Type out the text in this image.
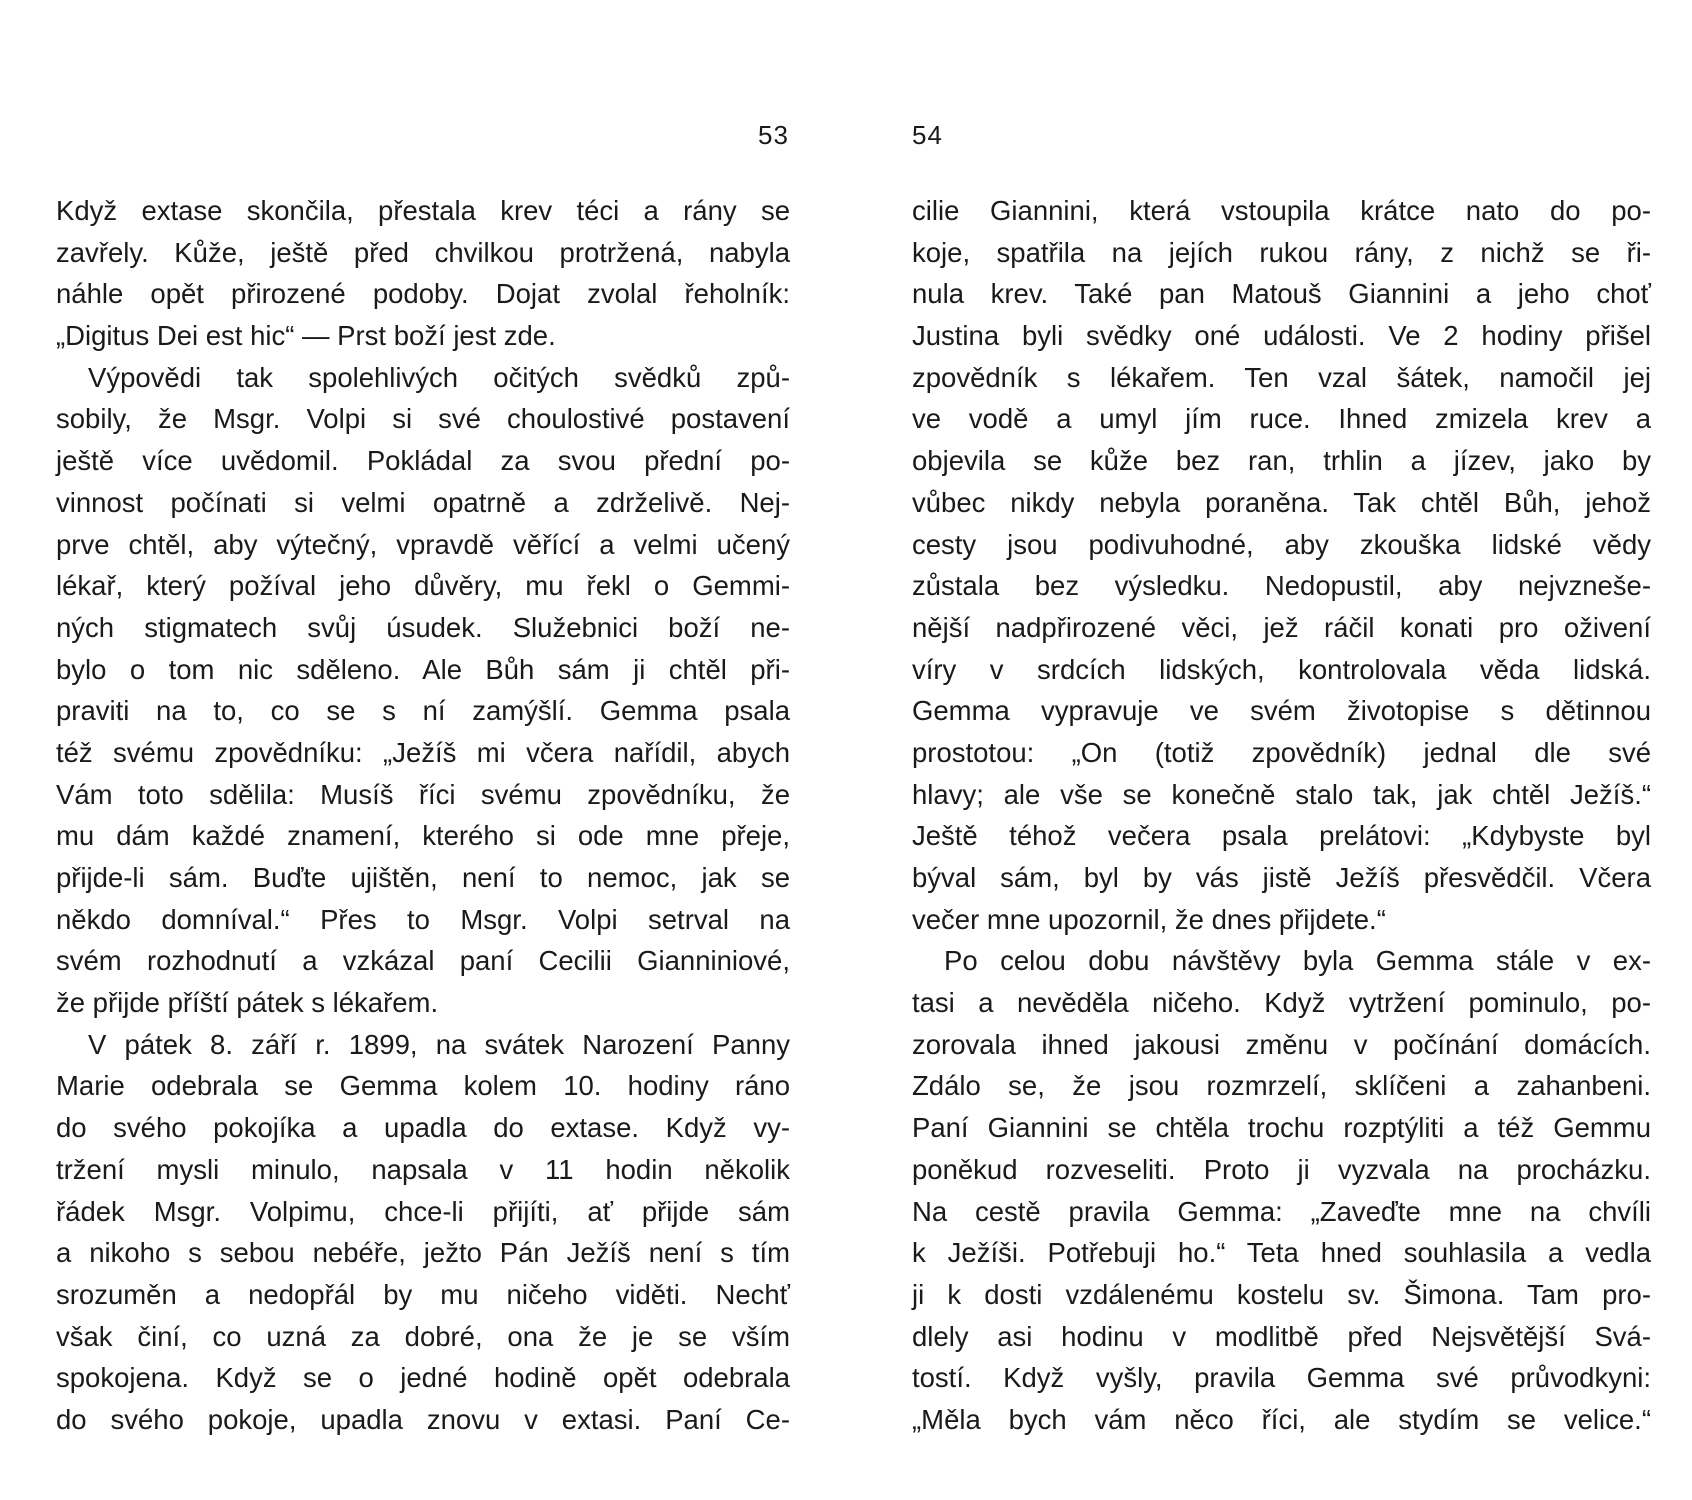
53
Když extase skončila, přestala krev téci a rány se
zavřely. Kůže, ještě před chvilkou protržená, nabyla
náhle opět přirozené podoby. Dojat zvolal řeholník:
„Digitus Dei est hic“ — Prst boží jest zde.
Výpovědi tak spolehlivých očitých svědků způ-
sobily, že Msgr. Volpi si své choulostivé postavení
ještě více uvědomil. Pokládal za svou přední po-
vinnost počínati si velmi opatrně a zdrželivě. Nej-
prve chtěl, aby výtečný, vpravdě věřící a velmi učený
lékař, který požíval jeho důvěry, mu řekl o Gemmi-
ných stigmatech svůj úsudek. Služebnici boží ne-
bylo o tom nic sděleno. Ale Bůh sám ji chtěl při-
praviti na to, co se s ní zamýšlí. Gemma psala
též svému zpovědníku: „Ježíš mi včera nařídil, abych
Vám toto sdělila: Musíš říci svému zpovědníku, že
mu dám každé znamení, kterého si ode mne přeje,
přijde-li sám. Buďte ujištěn, není to nemoc, jak se
někdo domníval.“ Přes to Msgr. Volpi setrval na
svém rozhodnutí a vzkázal paní Cecilii Gianniniové,
že přijde příští pátek s lékařem.
V pátek 8. září r. 1899, na svátek Narození Panny
Marie odebrala se Gemma kolem 10. hodiny ráno
do svého pokojíka a upadla do extase. Když vy-
tržení mysli minulo, napsala v 11 hodin několik
řádek Msgr. Volpimu, chce-li přijíti, ať přijde sám
a nikoho s sebou nebéře, ježto Pán Ježíš není s tím
srozuměn a nedopřál by mu ničeho viděti. Nechť
však činí, co uzná za dobré, ona že je se vším
spokojena. Když se o jedné hodině opět odebrala
do svého pokoje, upadla znovu v extasi. Paní Ce-
54
cilie Giannini, která vstoupila krátce nato do po-
koje, spatřila na jejích rukou rány, z nichž se ři-
nula krev. Také pan Matouš Giannini a jeho choť
Justina byli svědky oné události. Ve 2 hodiny přišel
zpovědník s lékařem. Ten vzal šátek, namočil jej
ve vodě a umyl jím ruce. Ihned zmizela krev a
objevila se kůže bez ran, trhlin a jízev, jako by
vůbec nikdy nebyla poraněna. Tak chtěl Bůh, jehož
cesty jsou podivuhodné, aby zkouška lidské vědy
zůstala bez výsledku. Nedopustil, aby nejvzneše-
nější nadpřirozené věci, jež ráčil konati pro oživení
víry v srdcích lidských, kontrolovala věda lidská.
Gemma vypravuje ve svém životopise s dětinnou
prostotou: „On (totiž zpovědník) jednal dle své
hlavy; ale vše se konečně stalo tak, jak chtěl Ježíš.“
Ještě téhož večera psala prelátovi: „Kdybyste byl
býval sám, byl by vás jistě Ježíš přesvědčil. Včera
večer mne upozornil, že dnes přijdete.“
Po celou dobu návštěvy byla Gemma stále v ex-
tasi a nevěděla ničeho. Když vytržení pominulo, po-
zorovala ihned jakousi změnu v počínání domácích.
Zdálo se, že jsou rozmrzelí, sklíčeni a zahanbeni.
Paní Giannini se chtěla trochu rozptýliti a též Gemmu
poněkud rozveseliti. Proto ji vyzvala na procházku.
Na cestě pravila Gemma: „Zaveďte mne na chvíli
k Ježíši. Potřebuji ho.“ Teta hned souhlasila a vedla
ji k dosti vzdálenému kostelu sv. Šimona. Tam pro-
dlely asi hodinu v modlitbě před Nejsvětější Svá-
tostí. Když vyšly, pravila Gemma své průvodkyni:
„Měla bych vám něco říci, ale stydím se velice.“
